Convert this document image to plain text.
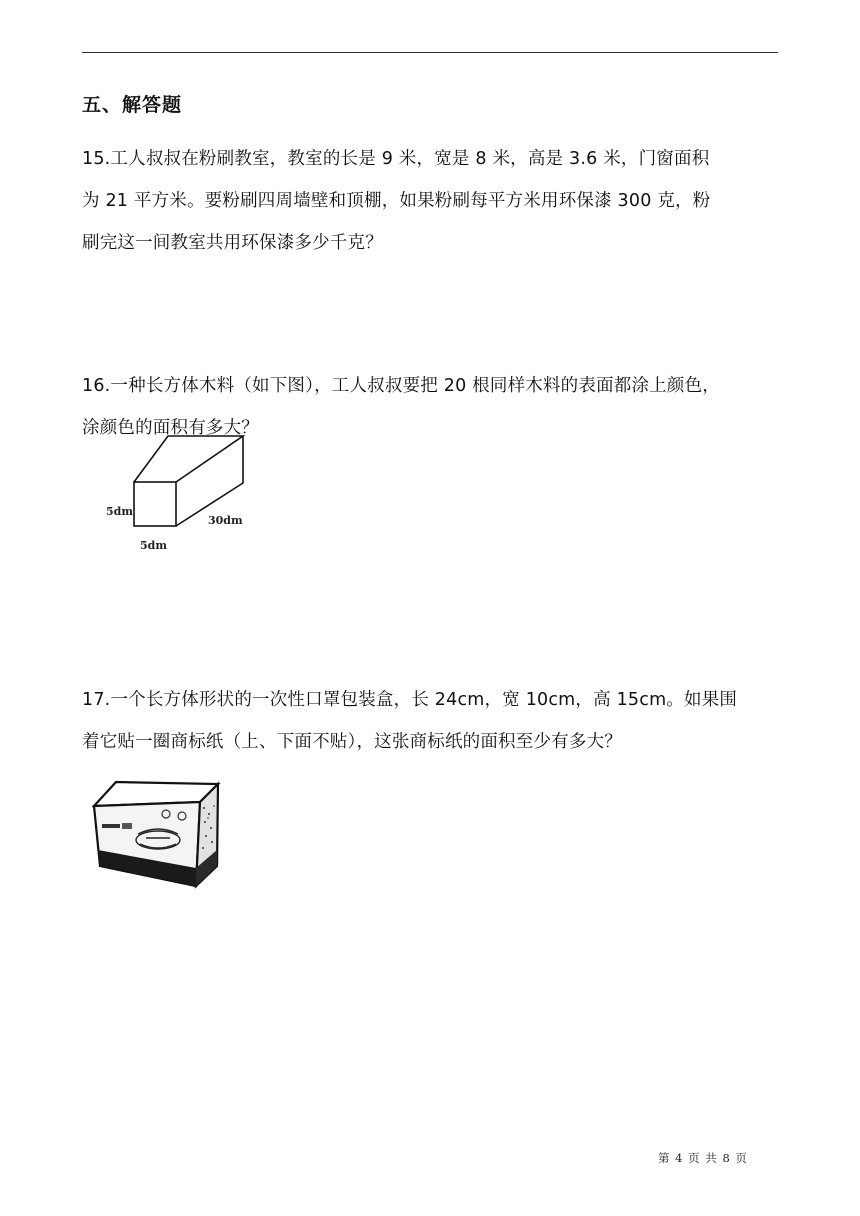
五、解答题
15.工人叔叔在粉刷教室，教室的长是 9 米，宽是 8 米，高是 3.6 米，门窗面积
为 21 平方米。要粉刷四周墙壁和顶棚，如果粉刷每平方米用环保漆 300 克，粉
刷完这一间教室共用环保漆多少千克？
16.一种长方体木料（如下图），工人叔叔要把 20 根同样木料的表面都涂上颜色，
涂颜色的面积有多大？
5dm
5dm
30dm
17.一个长方体形状的一次性口罩包装盒，长 24cm，宽 10cm，高 15cm。如果围
着它贴一圈商标纸（上、下面不贴），这张商标纸的面积至少有多大？
第 4 页 共 8 页
